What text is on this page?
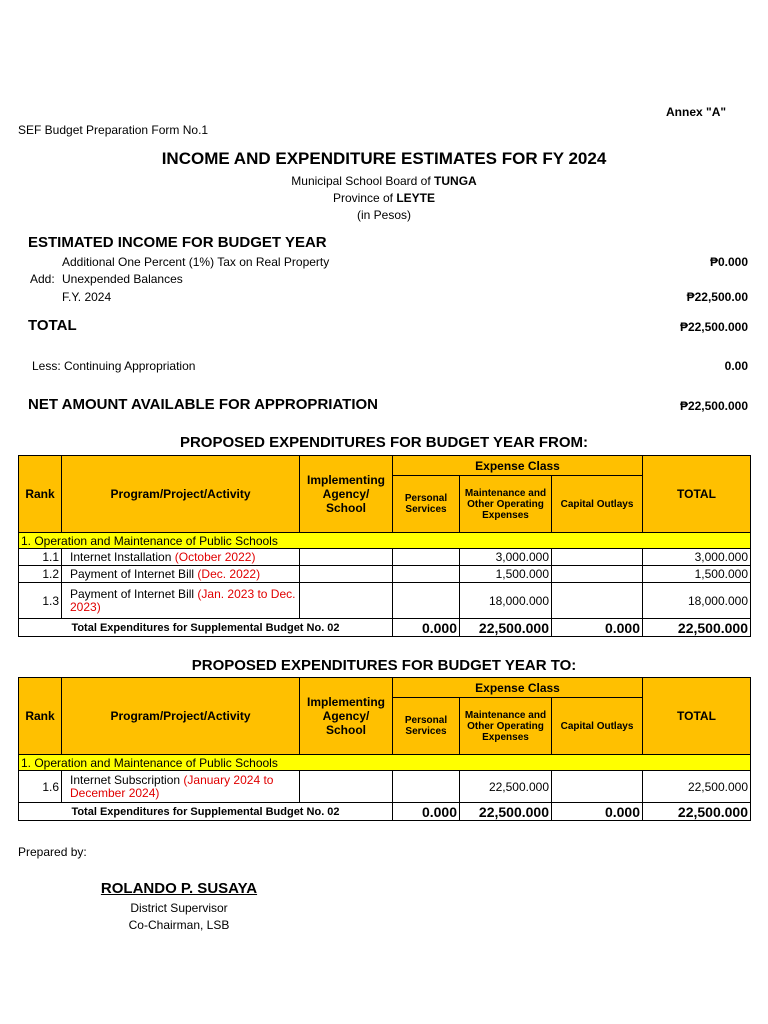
Annex "A"
SEF Budget Preparation Form No.1
INCOME AND EXPENDITURE ESTIMATES FOR FY 2024
Municipal School Board of TUNGA
Province of LEYTE
(in Pesos)
ESTIMATED INCOME FOR BUDGET YEAR
Additional One Percent (1%) Tax on Real Property	₱0.000
Add: Unexpended Balances
F.Y. 2024	₱22,500.00
TOTAL	₱22,500.000
Less: Continuing Appropriation	0.00
NET AMOUNT AVAILABLE FOR APPROPRIATION	₱22,500.000
PROPOSED EXPENDITURES FOR BUDGET YEAR FROM:
Rank	Program/Project/Activity	Implementing Agency/ School	Expense Class			TOTAL
			Personal Services	Maintenance and Other Operating Expenses	Capital Outlays	
1. Operation and Maintenance of Public Schools						
1.1	Internet Installation (October 2022)			3,000.000		3,000.000
1.2	Payment of Internet Bill (Dec. 2022)			1,500.000		1,500.000
1.3	Payment of Internet Bill (Jan. 2023 to Dec. 2023)			18,000.000		18,000.000
Total Expenditures for Supplemental Budget No. 02			0.000	22,500.000	0.000	22,500.000
PROPOSED EXPENDITURES FOR BUDGET YEAR TO:
Rank	Program/Project/Activity	Implementing Agency/ School	Expense Class			TOTAL
			Personal Services	Maintenance and Other Operating Expenses	Capital Outlays	
1. Operation and Maintenance of Public Schools						
1.6	Internet Subscription (January 2024 to December 2024)			22,500.000		22,500.000
Total Expenditures for Supplemental Budget No. 02			0.000	22,500.000	0.000	22,500.000
Prepared by:
ROLANDO P. SUSAYA
District Supervisor
Co-Chairman, LSB
